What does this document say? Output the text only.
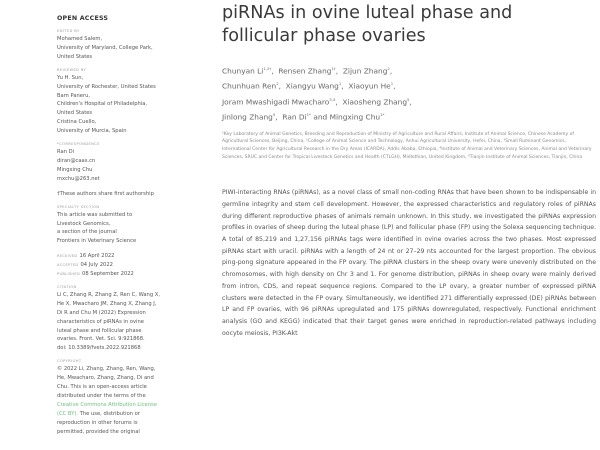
OPEN ACCESS
EDITED BY
Mohamed Salem,
University of Maryland, College Park,
United States
REVIEWED BY
Yu H. Sun,
University of Rochester, United States
Bam Paneru,
Children's Hospital of Philadelphia,
United States
Cristina Cuello,
University of Murcia, Spain
*CORRESPONDENCE
Ran Di
diran@caas.cn
Mingxing Chu
mxchu@263.net
†These authors share first authorship
SPECIALTY SECTION
This article was submitted to
Livestock Genomics,
a section of the journal
Frontiers in Veterinary Science
RECEIVED 16 April 2022
ACCEPTED 04 July 2022
PUBLISHED 08 September 2022
CITATION
Li C, Zhang R, Zhang Z, Ren C, Wang X,
He X, Mwacharo JM, Zhang X, Zhang J,
Di R and Chu M (2022) Expression
characteristics of piRNAs in ovine
luteal phase and follicular phase
ovaries. Front. Vet. Sci. 9:921868.
doi: 10.3389/fvets.2022.921868
COPYRIGHT
© 2022 Li, Zhang, Zhang, Ren, Wang,
He, Mwacharo, Zhang, Zhang, Di and
Chu. This is an open-access article
distributed under the terms of the
Creative Commons Attribution License
(CC BY). The use, distribution or
reproduction in other forums is
permitted, provided the original
piRNAs in ovine luteal phase and
follicular phase ovaries
Chunyan $Li^{1,2\dagger}$,  Rensen Zhang$^{1\dagger}$,  Zijun Zhang$^2$,
Chunhuan Ren$^2$,  Xiangyu Wang$^1$,  Xiaoyun He$^1$,
Joram Mwashigadi Mwacharo$^{3,4}$,  Xiaosheng Zhang$^5$,
Jinlong Zhang$^5$,  Ran $Di^{1*}$ and Mingxing Chu$^{1*}$
¹Key Laboratory of Animal Genetics, Breeding and Reproduction of Ministry of Agriculture and Rural Affairs, Institute of Animal Science, Chinese Academy of Agricultural Sciences, Beijing, China, ²College of Animal Science and Technology, Anhui Agricultural University, Hefei, China, ³Small Ruminant Genomics, International Center for Agricultural Research in the Dry Areas (ICARDA), Addis Ababa, Ethiopia, ⁴Institute of Animal and Veterinary Sciences, Animal and Veterinary Sciences, SRUC and Center for Tropical Livestock Genetics and Health (CTLGH), Midlothian, United Kingdom, ⁵Tianjin Institute of Animal Sciences, Tianjin, China
PIWI-interacting RNAs (piRNAs), as a novel class of small non-coding RNAs that have been shown to be indispensable in germline integrity and stem cell development. However, the expressed characteristics and regulatory roles of piRNAs during different reproductive phases of animals remain unknown. In this study, we investigated the piRNAs expression profiles in ovaries of sheep during the luteal phase (LP) and follicular phase (FP) using the Solexa sequencing technique. A total of 85,219 and 1,27,156 piRNAs tags were identified in ovine ovaries across the two phases. Most expressed piRNAs start with uracil. piRNAs with a length of 24 nt or 27–29 nts accounted for the largest proportion. The obvious ping-pong signature appeared in the FP ovary. The piRNA clusters in the sheep ovary were unevenly distributed on the chromosomes, with high density on Chr 3 and 1. For genome distribution, piRNAs in sheep ovary were mainly derived from intron, CDS, and repeat sequence regions. Compared to the LP ovary, a greater number of expressed piRNA clusters were detected in the FP ovary. Simultaneously, we identified 271 differentially expressed (DE) piRNAs between LP and FP ovaries, with 96 piRNAs upregulated and 175 piRNAs downregulated, respectively. Functional enrichment analysis (GO and KEGG) indicated that their target genes were enriched in reproduction-related pathways including oocyte meiosis, PI3K-Akt
